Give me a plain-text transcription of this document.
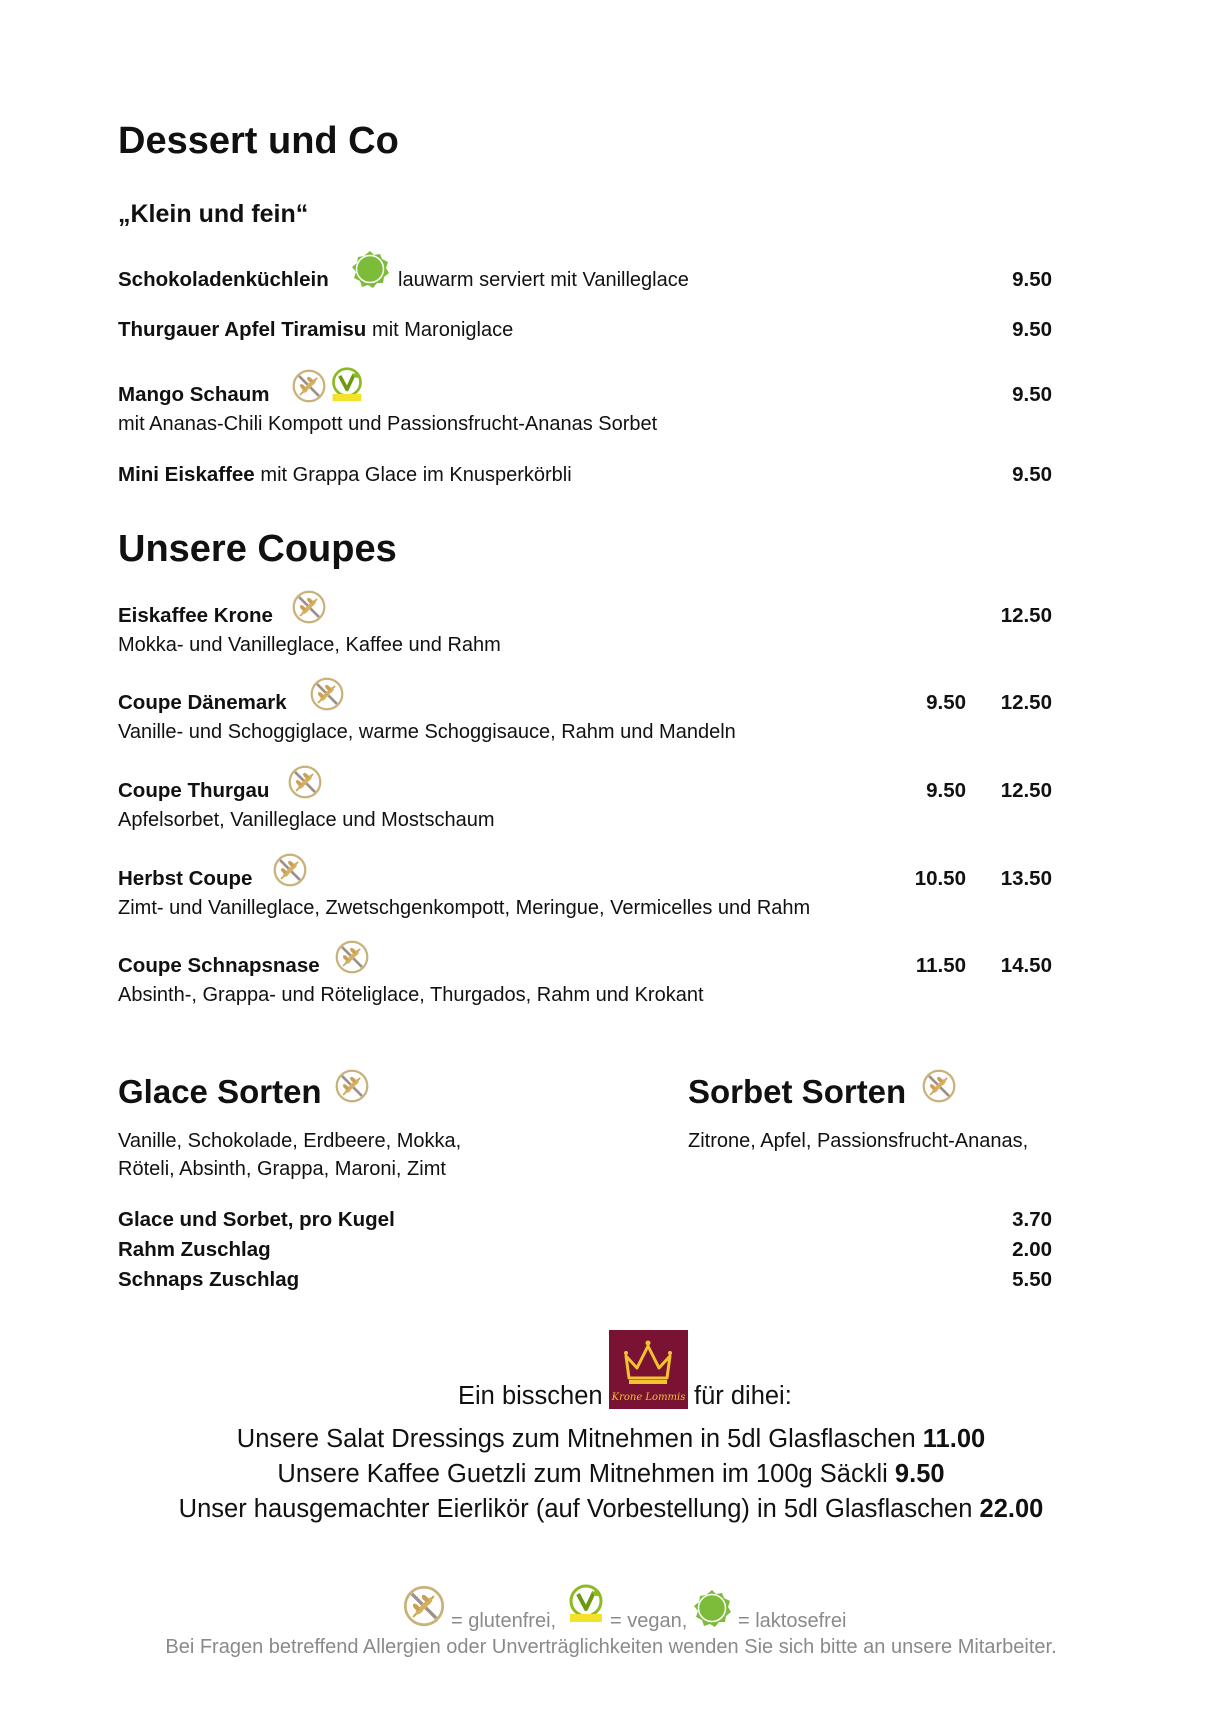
Dessert und Co
„Klein und fein“
Schokoladenküchlein	lauwarm serviert mit Vanilleglace	9.50
Thurgauer Apfel Tiramisu mit Maroniglace	9.50
Mango Schaum	9.50
mit Ananas-Chili Kompott und Passionsfrucht-Ananas Sorbet
Mini Eiskaffee mit Grappa Glace im Knusperkörbli	9.50
Unsere Coupes
Eiskaffee Krone	12.50
Mokka- und Vanilleglace, Kaffee und Rahm
Coupe Dänemark	9.50	12.50
Vanille- und Schoggiglace, warme Schoggisauce, Rahm und Mandeln
Coupe Thurgau	9.50	12.50
Apfelsorbet, Vanilleglace und Mostschaum
Herbst Coupe	10.50	13.50
Zimt- und Vanilleglace, Zwetschgenkompott, Meringue, Vermicelles und Rahm
Coupe Schnapsnase	11.50	14.50
Absinth-, Grappa- und Röteliglace, Thurgados, Rahm und Krokant
Glace Sorten
Vanille, Schokolade, Erdbeere, Mokka,
Röteli, Absinth, Grappa, Maroni, Zimt
Sorbet Sorten
Zitrone, Apfel, Passionsfrucht-Ananas,
Glace und Sorbet, pro Kugel	3.70
Rahm Zuschlag	2.00
Schnaps Zuschlag	5.50
Ein bisschen Krone Lommis für dihei:
Unsere Salat Dressings zum Mitnehmen in 5dl Glasflaschen 11.00
Unsere Kaffee Guetzli zum Mitnehmen im 100g Säckli 9.50
Unser hausgemachter Eierlikör (auf Vorbestellung) in 5dl Glasflaschen 22.00
= glutenfrei,	= vegan,	= laktosefrei
Bei Fragen betreffend Allergien oder Unverträglichkeiten wenden Sie sich bitte an unsere Mitarbeiter.
